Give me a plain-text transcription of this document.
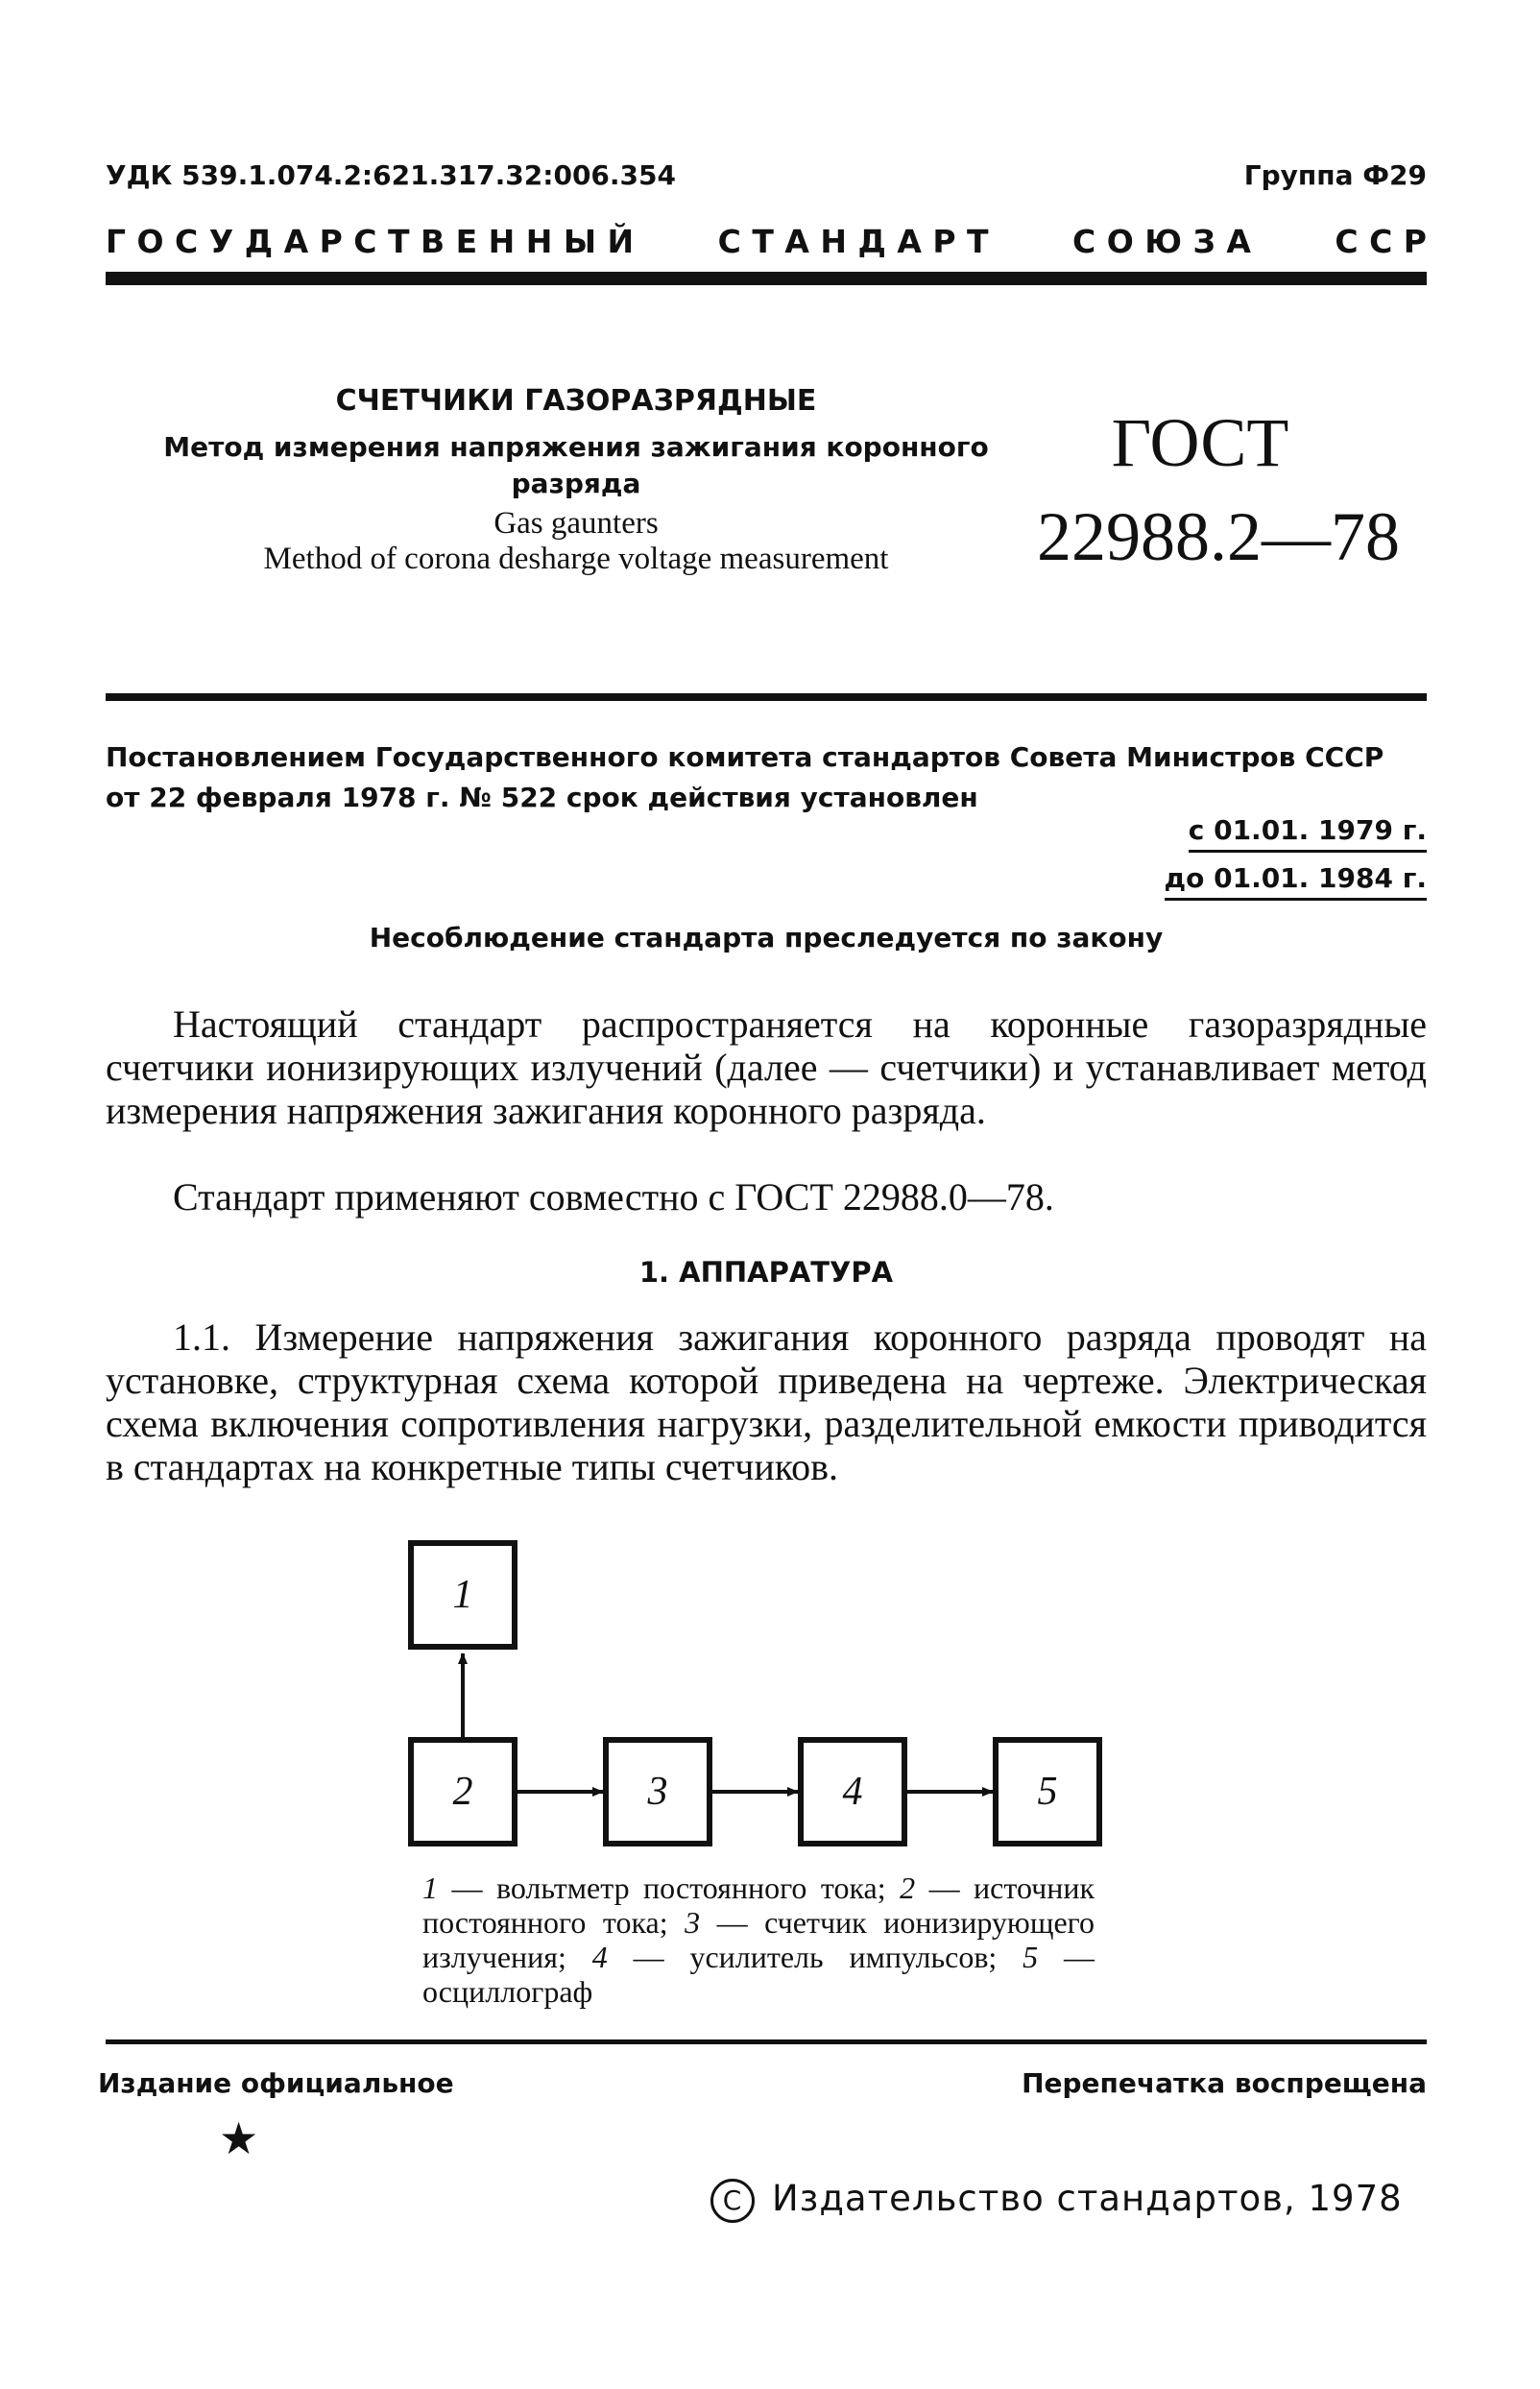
УДК 539.1.074.2:621.317.32:006.354	Группа Ф29
Г О С У Д А Р С Т В Е Н Н Ы Й	С Т А Н Д А Р Т	С О Ю З А	С С Р
СЧЕТЧИКИ ГАЗОРАЗРЯДНЫЕ
Метод измерения напряжения зажигания коронного разряда
Gas gaunters
Method of corona desharge voltage measurement
ГОСТ
22988.2—78
Постановлением Государственного комитета стандартов Совета Министров СССР от 22 февраля 1978 г. № 522 срок действия установлен
с 01.01. 1979 г.
до 01.01. 1984 г.
Несоблюдение стандарта преследуется по закону
Настоящий стандарт распространяется на коронные газоразрядные счетчики ионизирующих излучений (далее — счетчики) и устанавливает метод измерения напряжения зажигания коронного разряда.
Стандарт применяют совместно с ГОСТ 22988.0—78.
1. АППАРАТУРА
1.1. Измерение напряжения зажигания коронного разряда проводят на установке, структурная схема которой приведена на чертеже. Электрическая схема включения сопротивления нагрузки, разделительной емкости приводится в стандартах на конкретные типы счетчиков.
1
2	3	4	5
1 — вольтметр постоянного тока; 2 — источник постоянного тока; 3 — счетчик ионизирующего излучения; 4 — усилитель импульсов; 5 — осциллограф
Издание официальное	Перепечатка воспрещена
★
C Издательство стандартов, 1978
